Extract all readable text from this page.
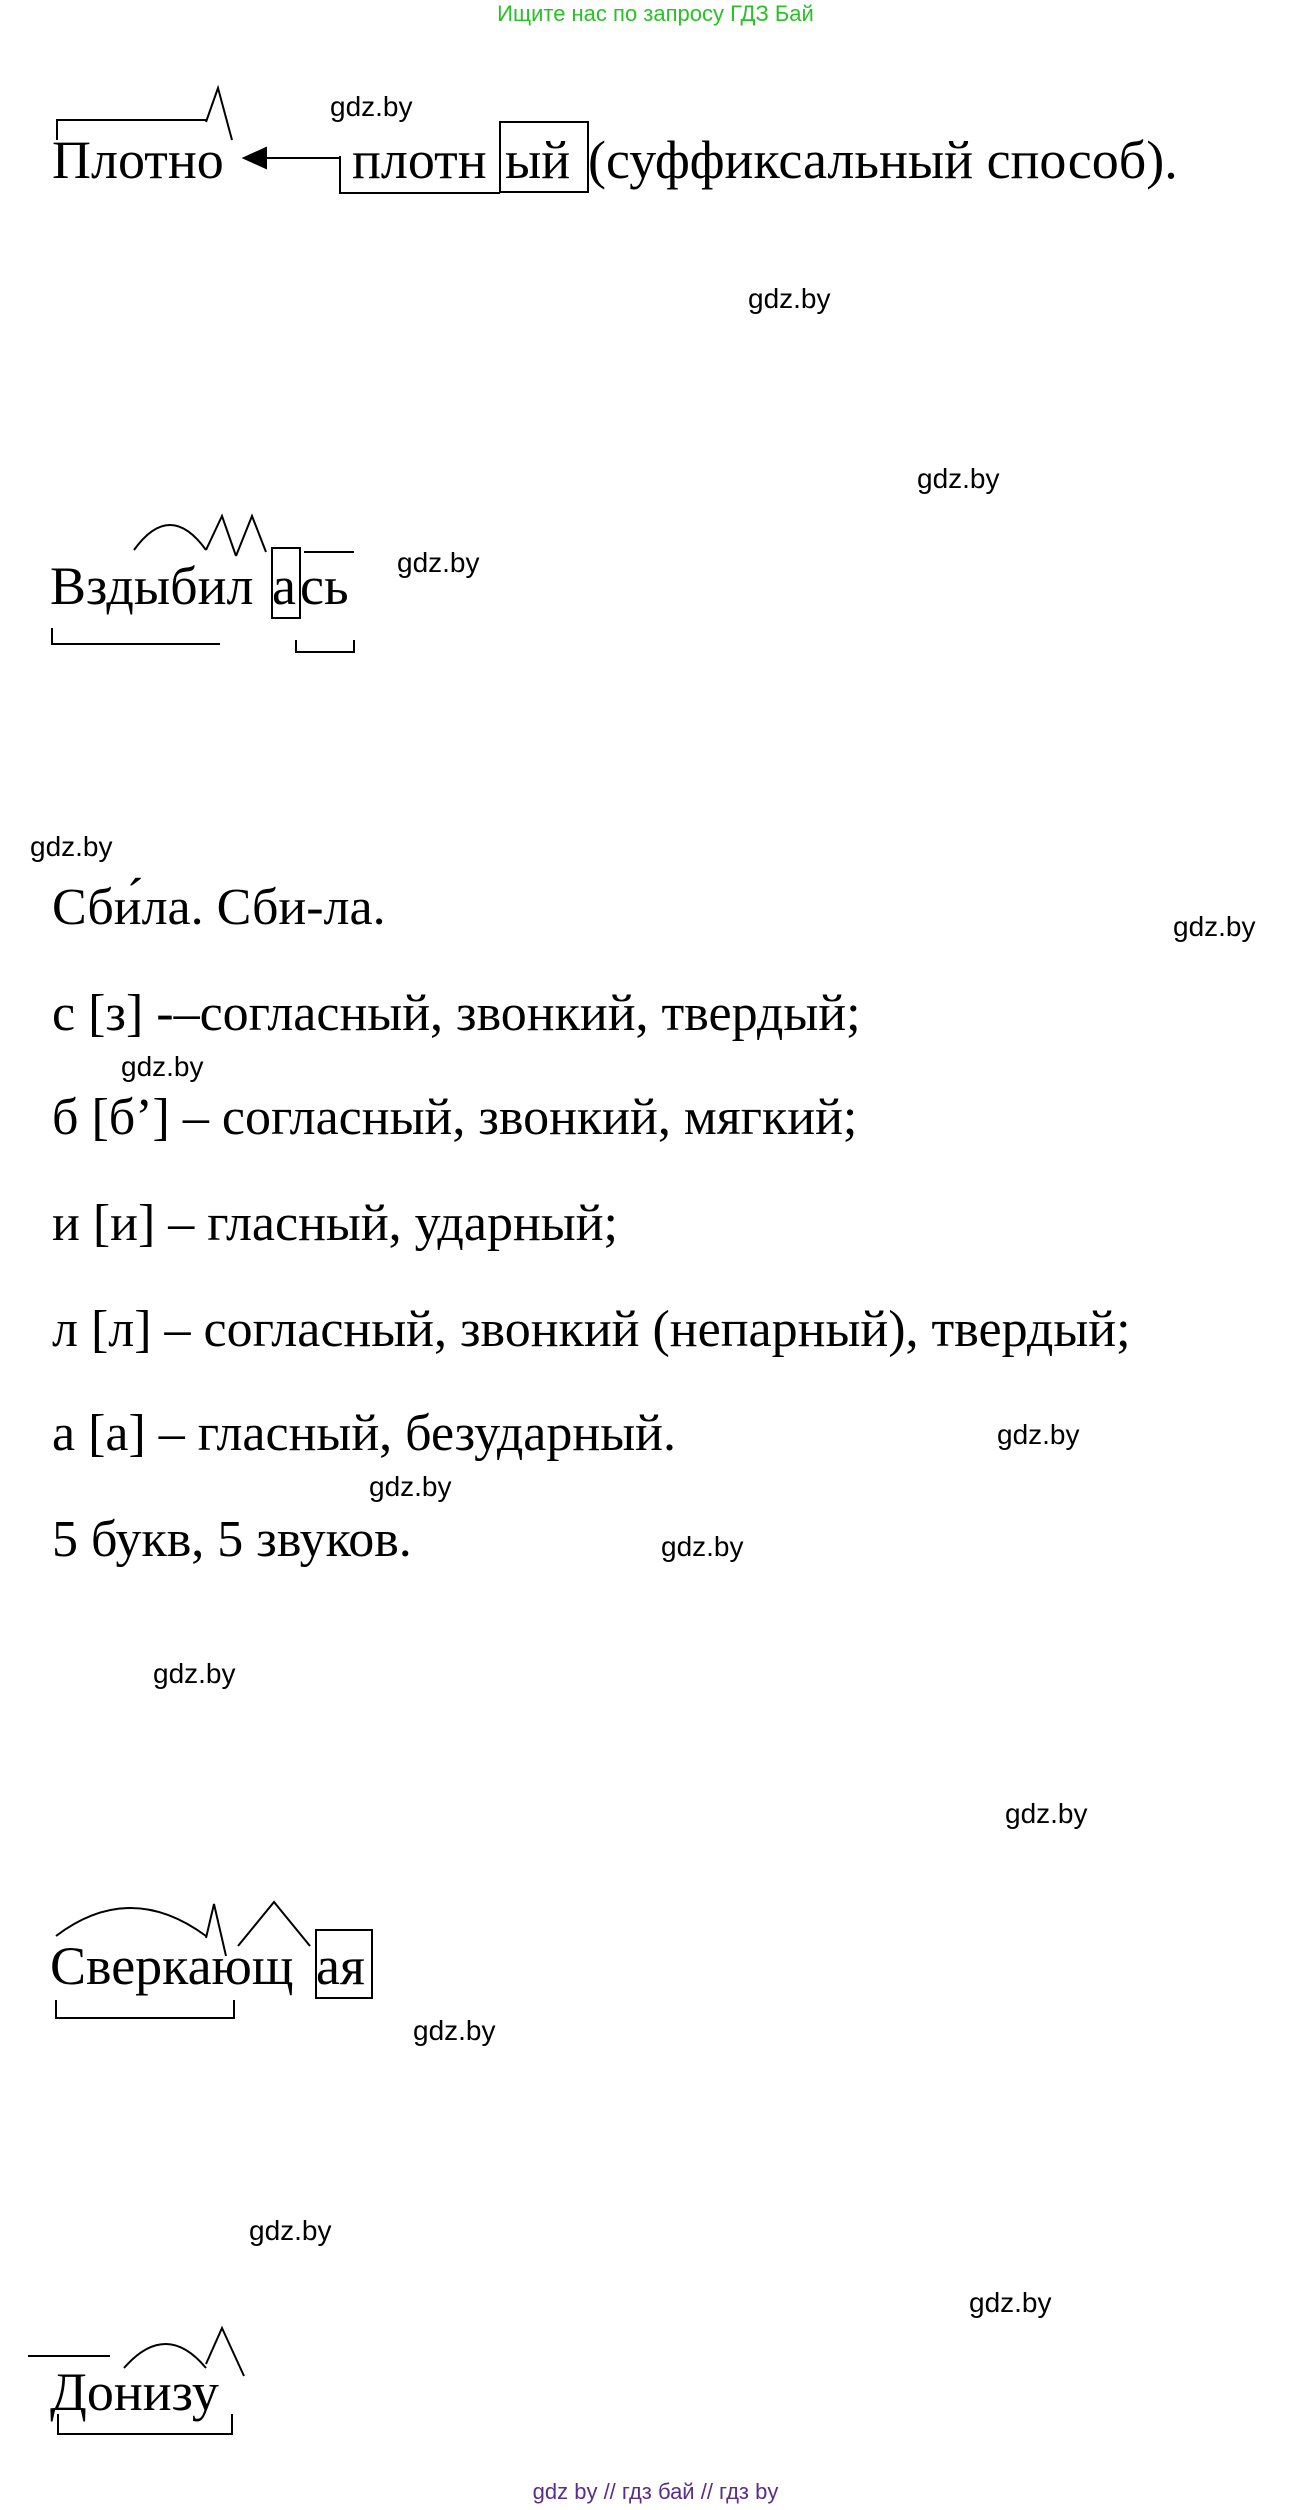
Ищите нас по запросу ГДЗ Бай
gdz by // гдз бай // гдз by
gdz.by
gdz.by
gdz.by
gdz.by
gdz.by
gdz.by
gdz.by
gdz.by
gdz.by
gdz.by
gdz.by
gdz.by
gdz.by
gdz.by
gdz.by
Плотно плотн ый (суффиксальный способ).
Вздыбил а сь
Сби́ла. Сби-ла.
с [з] -–согласный, звонкий, твердый;
б [б’] – согласный, звонкий, мягкий;
и [и] – гласный, ударный;
л [л] – согласный, звонкий (непарный), твердый;
а [а] – гласный, безударный.
5 букв, 5 звуков.
Сверкающ ая
Донизу
